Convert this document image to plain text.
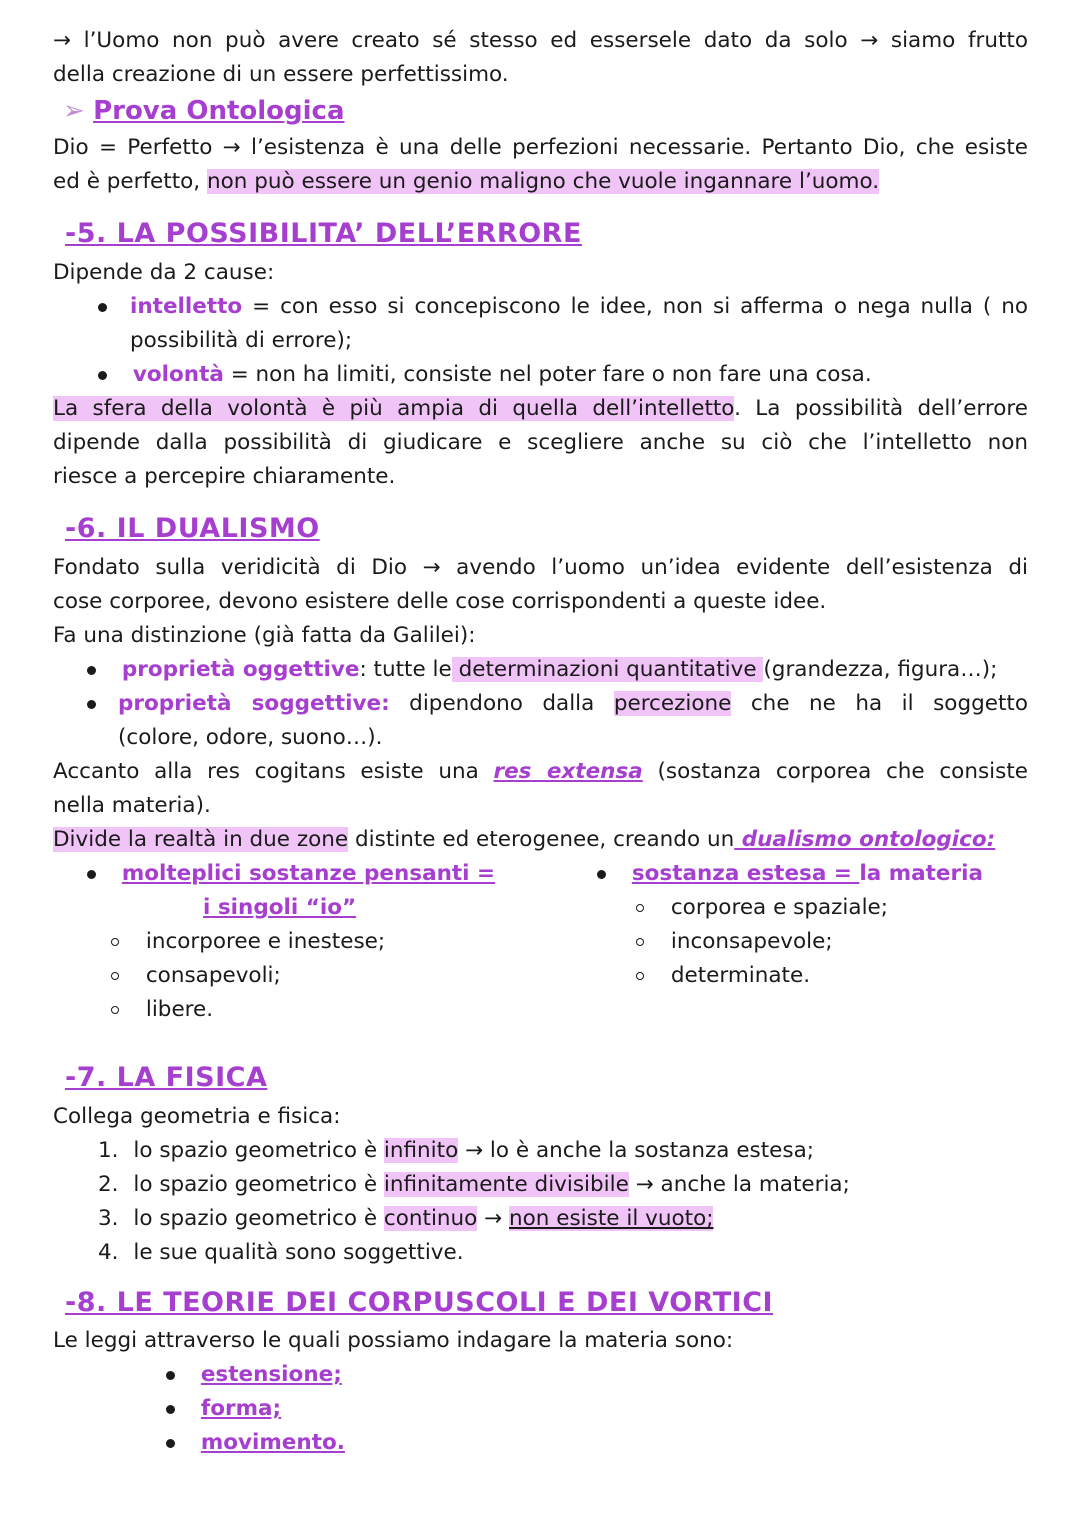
→ l’Uomo non può avere creato sé stesso ed essersele dato da solo → siamo frutto
della creazione di un essere perfettissimo.
➢ Prova Ontologica
Dio = Perfetto → l’esistenza è una delle perfezioni necessarie. Pertanto Dio, che esiste
ed è perfetto, non può essere un genio maligno che vuole ingannare l’uomo.
-5. LA POSSIBILITA’ DELL’ERRORE
Dipende da 2 cause:
intelletto = con esso si concepiscono le idee, non si afferma o nega nulla ( no
possibilità di errore);
volontà = non ha limiti, consiste nel poter fare o non fare una cosa.
La sfera della volontà è più ampia di quella dell’intelletto. La possibilità dell’errore
dipende dalla possibilità di giudicare e scegliere anche su ciò che l’intelletto non
riesce a percepire chiaramente.
-6. IL DUALISMO
Fondato sulla veridicità di Dio → avendo l’uomo un’idea evidente dell’esistenza di
cose corporee, devono esistere delle cose corrispondenti a queste idee.
Fa una distinzione (già fatta da Galilei):
proprietà oggettive: tutte le determinazioni quantitative (grandezza, figura…);
proprietà soggettive: dipendono dalla percezione che ne ha il soggetto
(colore, odore, suono…).
Accanto alla res cogitans esiste una res extensa (sostanza corporea che consiste
nella materia).
Divide la realtà in due zone distinte ed eterogenee, creando un dualismo ontologico:
molteplici sostanze pensanti =
i singoli “io”
incorporee e inestese;
consapevoli;
libere.
sostanza estesa = la materia
corporea e spaziale;
inconsapevole;
determinate.
-7. LA FISICA
Collega geometria e fisica:
1. lo spazio geometrico è infinito → lo è anche la sostanza estesa;
2. lo spazio geometrico è infinitamente divisibile → anche la materia;
3. lo spazio geometrico è continuo → non esiste il vuoto;
4. le sue qualità sono soggettive.
-8. LE TEORIE DEI CORPUSCOLI E DEI VORTICI
Le leggi attraverso le quali possiamo indagare la materia sono:
estensione;
forma;
movimento.
